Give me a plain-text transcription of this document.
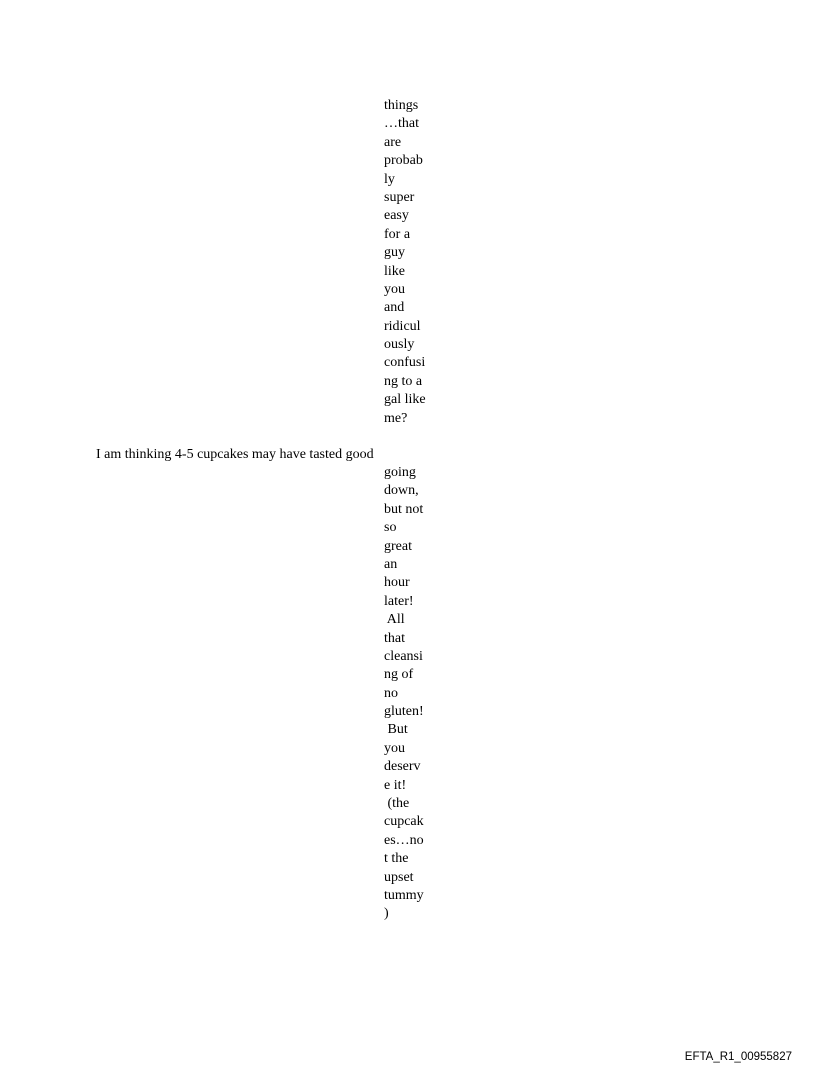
things
…that
are
probab
ly
super
easy
for a
guy
like
you
and
ridicul
ously
confusi
ng to a
gal like
me?
I am thinking 4-5 cupcakes may have tasted good
going
down,
but not
so
great
an
hour
later!
All
that
cleansi
ng of
no
gluten!
But
you
deserv
e it!
(the
cupcak
es…no
t the
upset
tummy
)
EFTA_R1_00955827
